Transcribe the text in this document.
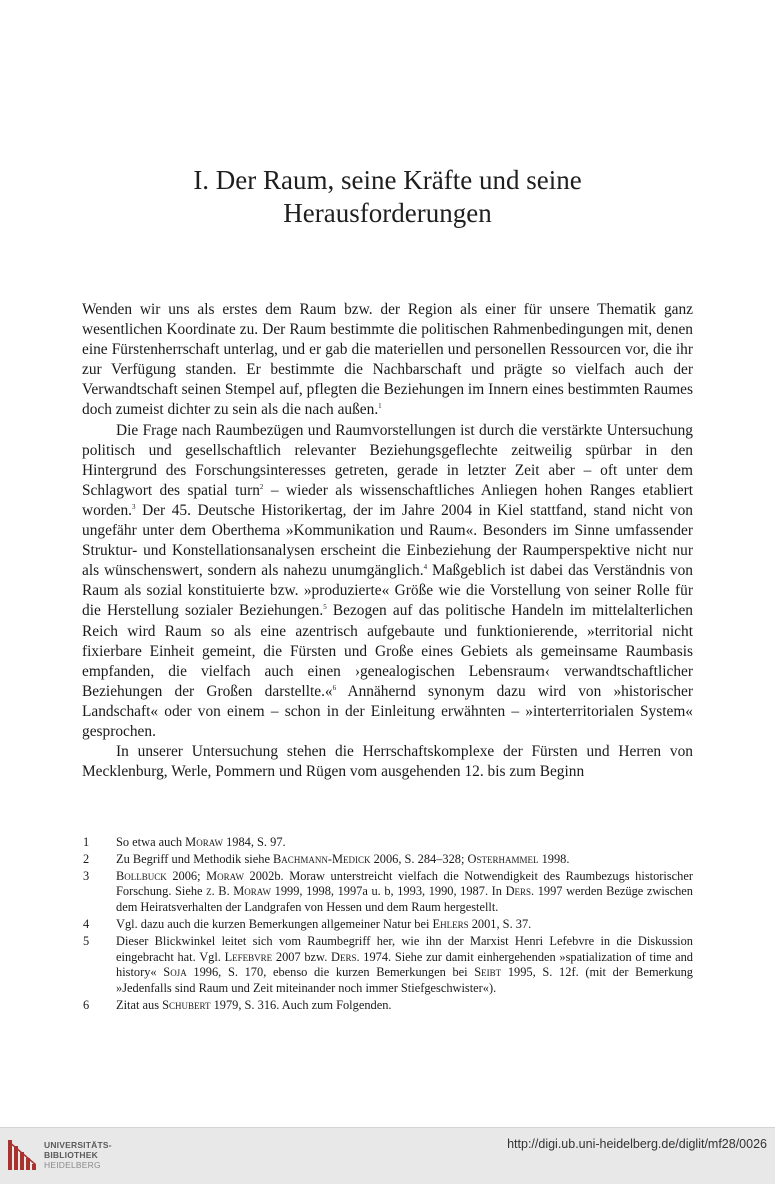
I. Der Raum, seine Kräfte und seine
Herausforderungen

Wenden wir uns als erstes dem Raum bzw. der Region als einer für unsere Thematik ganz wesentlichen Koordinate zu. Der Raum bestimmte die politischen Rahmenbedingungen mit, denen eine Fürstenherrschaft unterlag, und er gab die materiellen und personellen Ressourcen vor, die ihr zur Verfügung standen. Er bestimmte die Nachbarschaft und prägte so vielfach auch der Verwandtschaft seinen Stempel auf, pflegten die Beziehungen im Innern eines bestimmten Raumes doch zumeist dichter zu sein als die nach außen.$^1$

Die Frage nach Raumbezügen und Raumvorstellungen ist durch die verstärkte Untersuchung politisch und gesellschaftlich relevanter Beziehungsgeflechte zeitweilig spürbar in den Hintergrund des Forschungsinteresses getreten, gerade in letzter Zeit aber – oft unter dem Schlagwort des spatial turn$^2$ – wieder als wissenschaftliches Anliegen hohen Ranges etabliert worden.$^3$ Der 45. Deutsche Historikertag, der im Jahre 2004 in Kiel stattfand, stand nicht von ungefähr unter dem Oberthema »Kommunikation und Raum«. Besonders im Sinne umfassender Struktur- und Konstellationsanalysen erscheint die Einbeziehung der Raumperspektive nicht nur als wünschenswert, sondern als nahezu unumgänglich.$^4$ Maßgeblich ist dabei das Verständnis von Raum als sozial konstituierte bzw. »produzierte« Größe wie die Vorstellung von seiner Rolle für die Herstellung sozialer Beziehungen.$^5$ Bezogen auf das politische Handeln im mittelalterlichen Reich wird Raum so als eine azentrisch aufgebaute und funktionierende, »territorial nicht fixierbare Einheit gemeint, die Fürsten und Große eines Gebiets als gemeinsame Raumbasis empfanden, die vielfach auch einen ›genealogischen Lebensraum‹ verwandtschaftlicher Beziehungen der Großen darstellte.«$^6$ Annähernd synonym dazu wird von »historischer Landschaft« oder von einem – schon in der Einleitung erwähnten – »interterritorialen System« gesprochen.

In unserer Untersuchung stehen die Herrschaftskomplexe der Fürsten und Herren von Mecklenburg, Werle, Pommern und Rügen vom ausgehenden 12. bis zum Beginn

1	So etwa auch Moraw 1984, S. 97.
2	Zu Begriff und Methodik siehe Bachmann-Medick 2006, S. 284–328; Osterhammel 1998.
3	Bollbuck 2006; Moraw 2002b. Moraw unterstreicht vielfach die Notwendigkeit des Raumbezugs historischer Forschung. Siehe z. B. Moraw 1999, 1998, 1997a u. b, 1993, 1990, 1987. In Ders. 1997 werden Bezüge zwischen dem Heiratsverhalten der Landgrafen von Hessen und dem Raum hergestellt.
4	Vgl. dazu auch die kurzen Bemerkungen allgemeiner Natur bei Ehlers 2001, S. 37.
5	Dieser Blickwinkel leitet sich vom Raumbegriff her, wie ihn der Marxist Henri Lefebvre in die Diskussion eingebracht hat. Vgl. Lefebvre 2007 bzw. Ders. 1974. Siehe zur damit einhergehenden »spatialization of time and history« Soja 1996, S. 170, ebenso die kurzen Bemerkungen bei Seibt 1995, S. 12f. (mit der Bemerkung »Jedenfalls sind Raum und Zeit miteinander noch immer Stiefgeschwister«).
6	Zitat aus Schubert 1979, S. 316. Auch zum Folgenden.
UNIVERSITÄTS-
BIBLIOTHEK
HEIDELBERG
http://digi.ub.uni-heidelberg.de/diglit/mf28/0026
